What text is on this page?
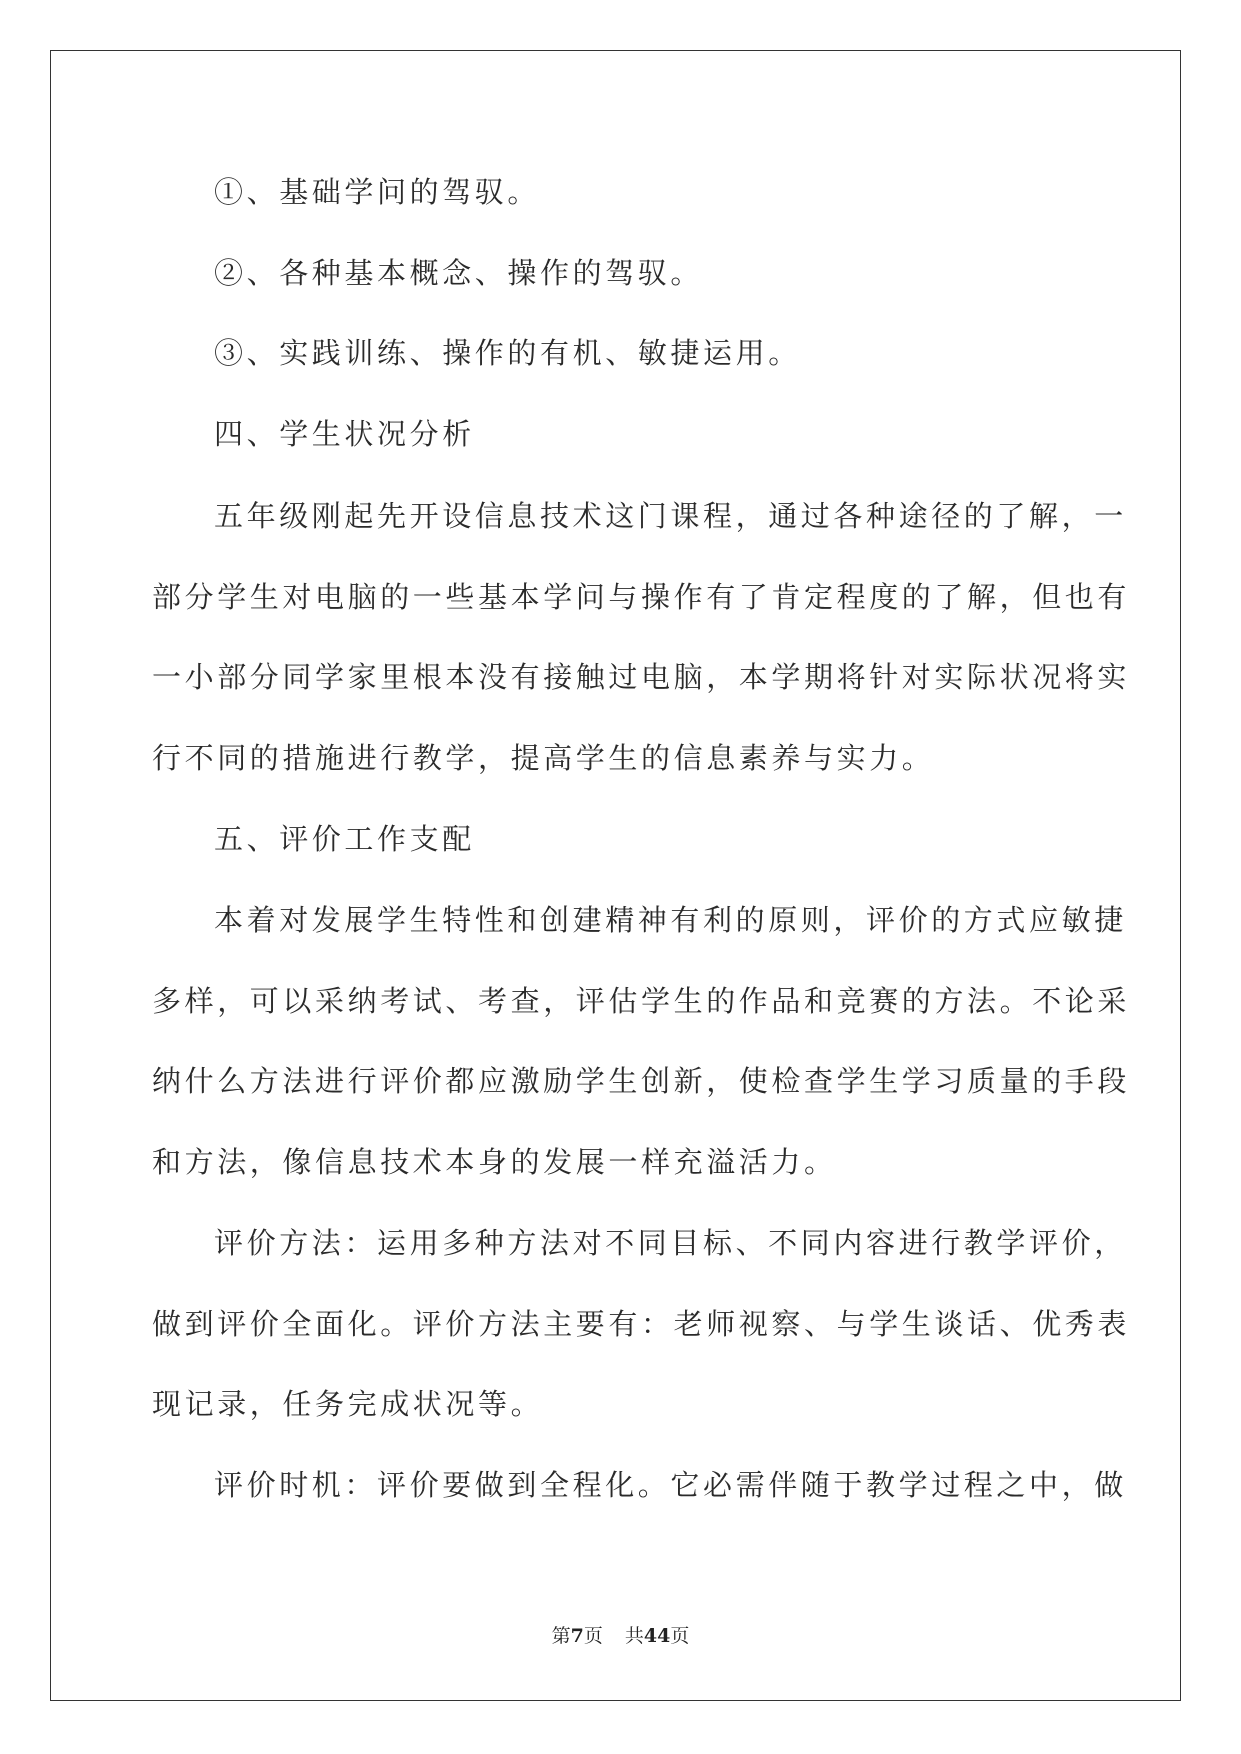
①、基础学问的驾驭。
②、各种基本概念、操作的驾驭。
③、实践训练、操作的有机、敏捷运用。
四、学生状况分析
五年级刚起先开设信息技术这门课程，通过各种途径的了解，一
部分学生对电脑的一些基本学问与操作有了肯定程度的了解，但也有
一小部分同学家里根本没有接触过电脑，本学期将针对实际状况将实
行不同的措施进行教学，提高学生的信息素养与实力。
五、评价工作支配
本着对发展学生特性和创建精神有利的原则，评价的方式应敏捷
多样，可以采纳考试、考查，评估学生的作品和竞赛的方法。不论采
纳什么方法进行评价都应激励学生创新，使检查学生学习质量的手段
和方法，像信息技术本身的发展一样充溢活力。
评价方法：运用多种方法对不同目标、不同内容进行教学评价，
做到评价全面化。评价方法主要有：老师视察、与学生谈话、优秀表
现记录，任务完成状况等。
评价时机：评价要做到全程化。它必需伴随于教学过程之中，做
第7页 共44页
